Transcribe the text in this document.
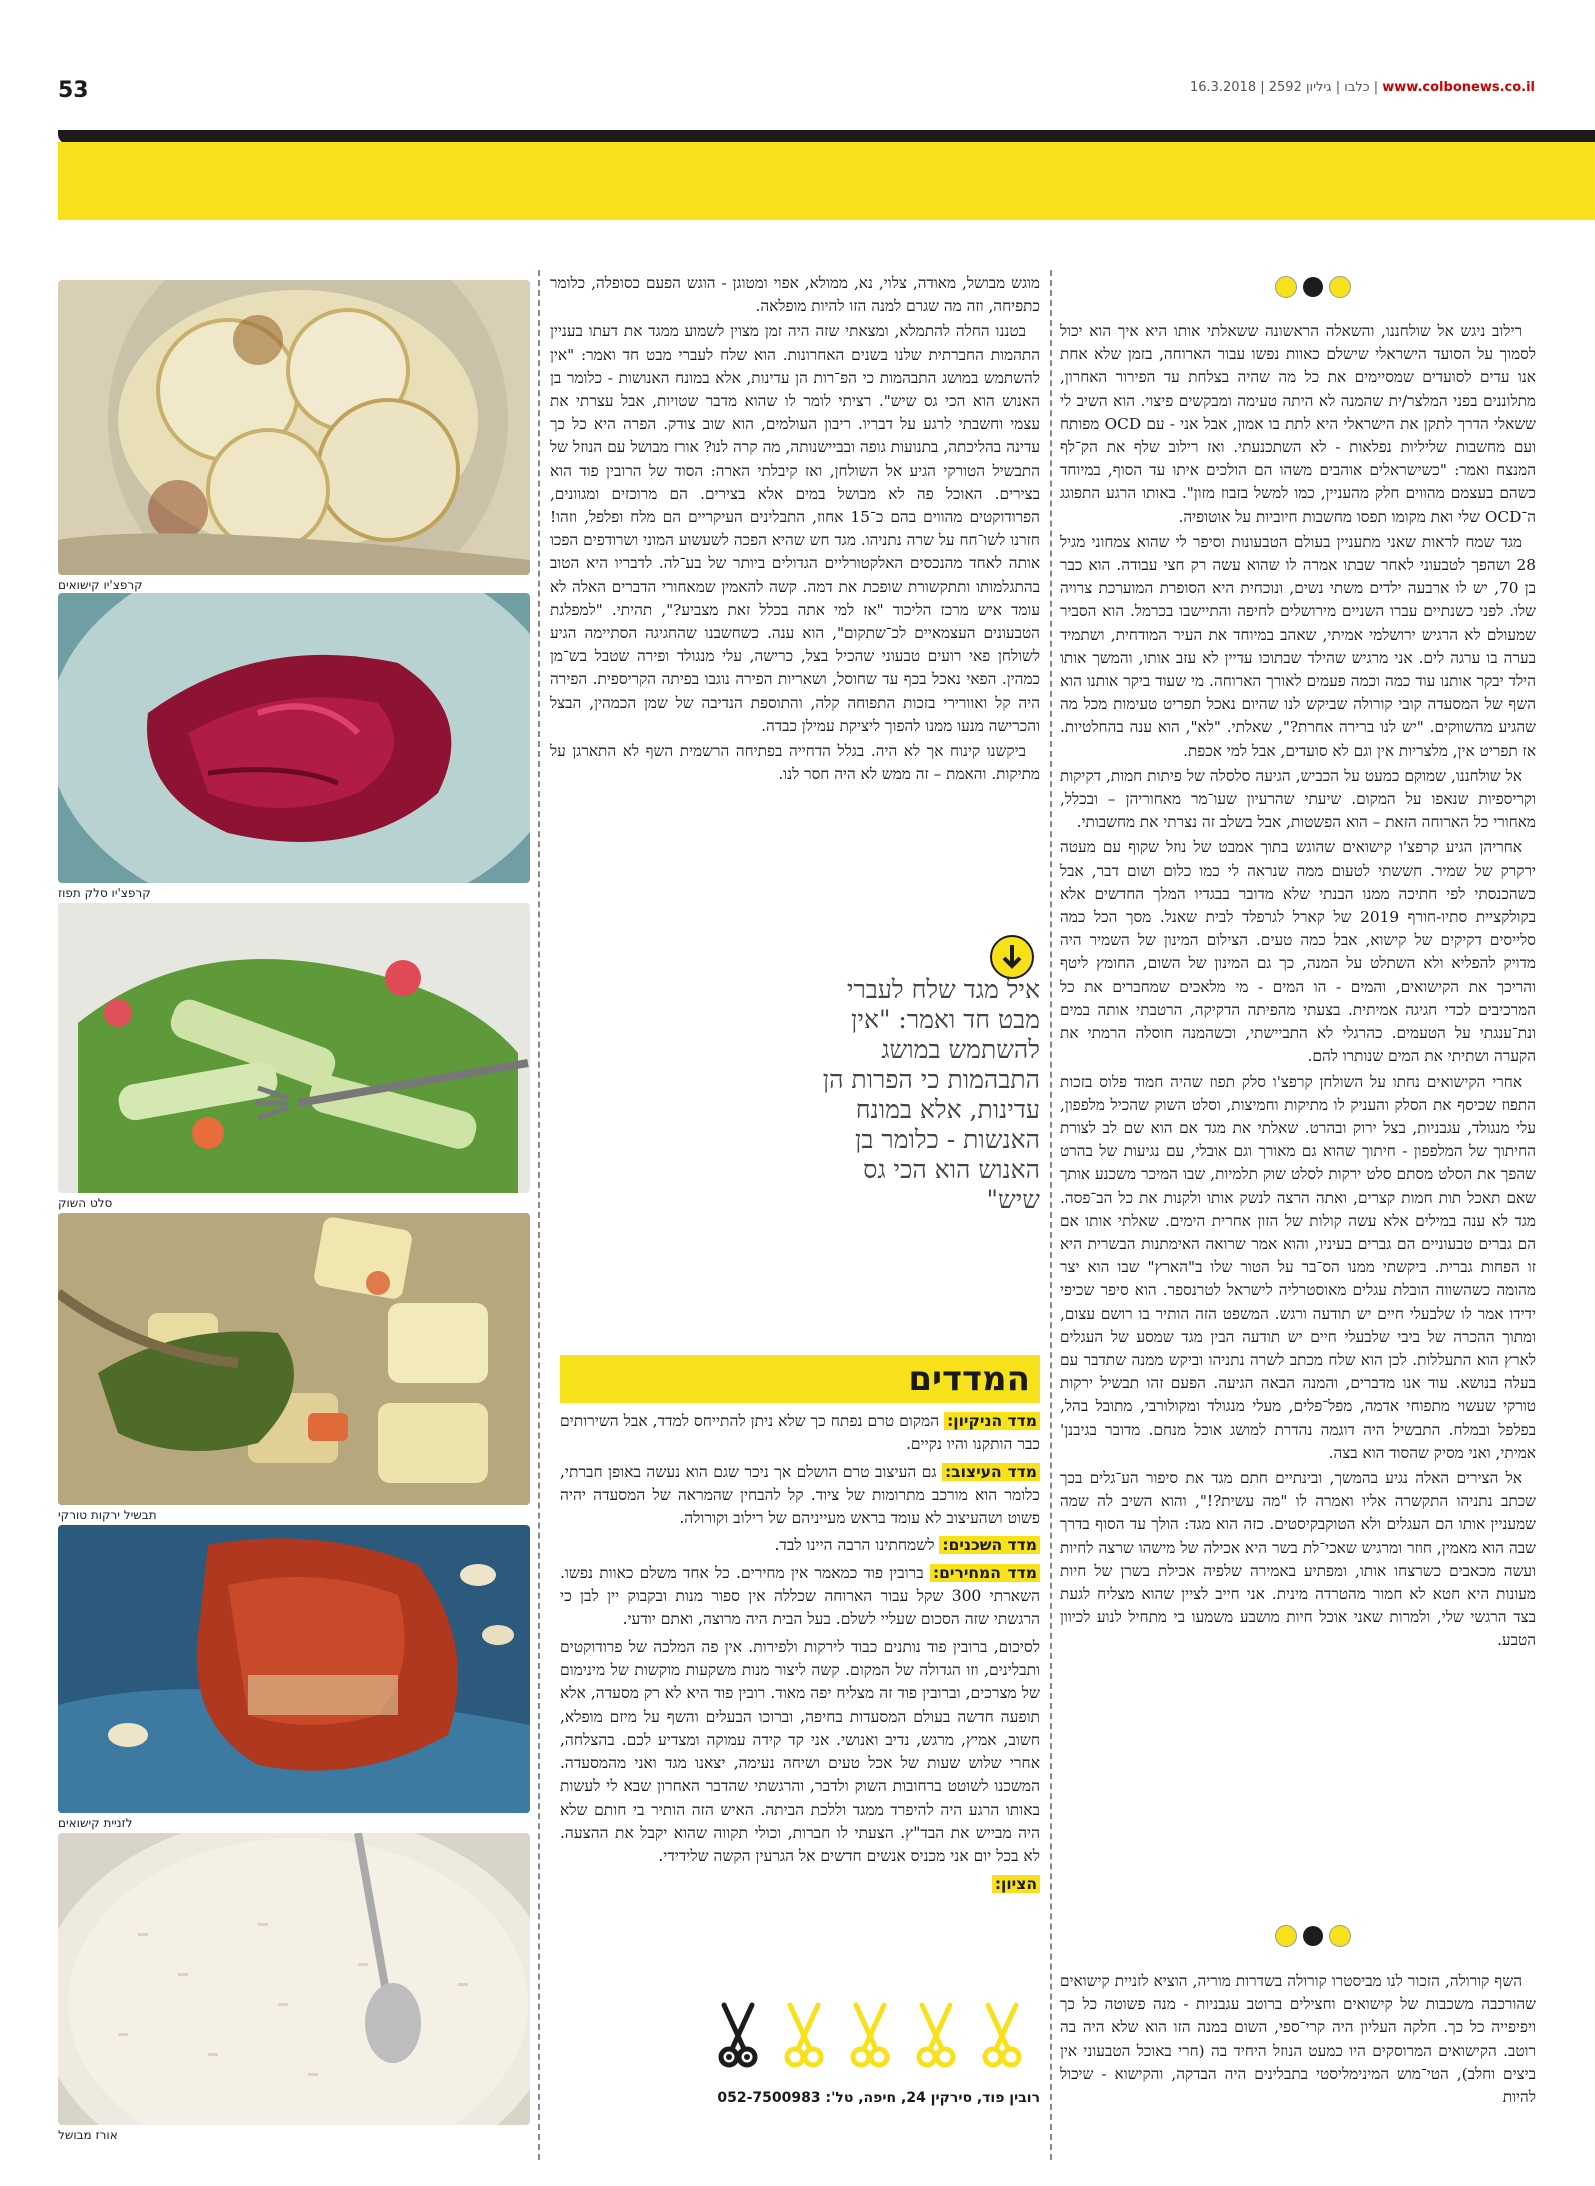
53	www.colbonews.co.il | כלבו | גיליון 2592 | 16.3.2018
קרפצ'יו קישואים
קרפצ'יו סלק תפוז
סלט השוק
תבשיל ירקות טורקי
לזניית קישואים
אורז מבושל

רילוב ניגש אל שולחננו, והשאלה הראשונה ששאלתי אותו היא איך הוא יכול לסמוך על הסועד הישראלי שישלם כאוות נפשו עבור הארוחה, בזמן שלא אחת אנו עדים לסועדים שמסיימים את כל מה שהיה בצלחת עד הפירור האחרון, מתלוננים בפני המלצר/ית שהמנה לא היתה טעימה ומבקשים פיצוי. הוא השיב לי ששאלי הדרך לתקן את הישראלי היא לתת בו אמון, אבל אני - עם OCD מפותח ועם מחשבות שליליות נפלאות - לא השתכנעתי. ואז רילוב שלף את הק־לף המנצח ואמר: "כשישראלים אוהבים משהו הם הולכים איתו עד הסוף, במיוחד כשהם בעצמם מהווים חלק מהעניין, כמו למשל בזבוז מזון". באותו הרגע התפוגג ה־OCD שלי ואת מקומו תפסו מחשבות חיוביות על אוטופיה.

מגד שמח לראות שאני מתעניין בעולם הטבעונות וסיפר לי שהוא צמחוני מגיל 28 ושהפך לטבעוני לאחר שבתו אמרה לו שהוא עשה רק חצי עבודה. הוא כבר בן 70, יש לו ארבעה ילדים משתי נשים, ונוכחית היא הסופרת המוערכת צרויה שלו. לפני כשנתיים עברו השניים מירושלים לחיפה והתיישבו בכרמל. הוא הסביר שמעולם לא הרגיש ירושלמי אמיתי, שאהב במיוחד את העיר המודחית, ושתמיד בערה בו ערגה לים. אני מרגיש שהילד שבתוכו עדיין לא עזב אותו, והמשך אותו הילד יבקר אותנו עוד כמה וכמה פעמים לאורך הארוחה. מי שעוד ביקר אותנו הוא השף של המסעדה קובי קורולה שביקש לנו שהיום נאכל תפריט טעימות מכל מה שהגיע מהשווקים. "יש לנו ברירה אחרת?", שאלתי. "לא", הוא ענה בהחלטיות. אז תפריט אין, מלצריות אין וגם לא סועדים, אבל למי אכפת.

אל שולחננו, שמוקם כמעט על הכביש, הגיעה סלסלה של פיתות חמות, דקיקות וקריספיות שנאפו על המקום. שיעתי שהרעיון שעו־מר מאחוריהן – ובכלל, מאחורי כל הארוחה הזאת – הוא הפשטות, אבל בשלב זה נצרתי את מחשבותי.

אחריהן הגיע קרפצ'ו קישואים שהוגש בתוך אמבט של נוזל שקוף עם מעטה ירקרק של שמיר. חששתי לטעום ממה שנראה לי כמו כלום ושום דבר, אבל כשהכנסתי לפי חתיכה ממנו הבנתי שלא מדובר בבגדיו המלך החדשים אלא בקולקציית סתיו-חורף 2019 של קארל לגרפלד לבית שאנל. מסך הכל כמה סלייסים דקיקים של קישוא, אבל כמה טעים. הצילום המינון של השמיר היה מדויק להפליא ולא השתלט על המנה, כך גם המינון של השום, החומץ ליטף והריכך את הקישואים, והמים - הו המים - מי מלאכים שמחברים את כל המרכיבים לכדי חגיגה אמיתית. בצעתי מהפיתה הדקיקה, הרטבתי אותה במים ונת־ענגתי על הטעמים. כהרגלי לא התביישתי, וכשהמנה חוסלה הרמתי את הקערה ושתיתי את המים שנותרו להם.

אחרי הקישואים נחתו על השולחן קרפצ'ו סלק תפוז שהיה חמוד פלוס בזכות התפוז שכיסף את הסלק והעניק לו מתיקות וחמיצות, וסלט השוק שהכיל מלפפון, עלי מנגולד, עגבניות, בצל ירוק ובהרט. שאלתי את מגד אם הוא שם לב לצורת החיתוך של המלפפון - חיתוך שהוא גם מאורך וגם אובלי, עם נגיעות של בהרט שהפך את הסלט מסתם סלט ירקות לסלט שוק תלמיות, שבו המיכר משכנע אותך שאם תאכל תות חמות קצרים, ואתה הרצה לנשק אותו ולקנות את כל הב־פסה. מגד לא ענה במילים אלא עשה קולות של הזון אחרית הימים. שאלתי אותו אם הם גברים טבעוניים הם גברים בעיניו, והוא אמר שרואה האימתנות הבשרית היא זו הפחות גברית. ביקשתי ממנו הס־בר על הטור שלו ב"הארץ" שבו הוא יצר מהומה כשהשווה הובלת עגלים מאוסטרליה לישראל לטרנספר. הוא סיפר שכיפי ידידו אמר לו שלבעלי חיים יש תודעה ורגש. המשפט הזה הותיר בו רושם עצום, ומתוך ההכרה של ביבי שלבעלי חיים יש תודעה הבין מגד שמסע של העגלים לארץ הוא התעללות. לכן הוא שלח מכתב לשרה נתניהו וביקש ממנה שתדבר עם בעלה בנושא. עוד אנו מדברים, והמנה הבאה הגיעה. הפעם זהו תבשיל ירקות טורקי שעשוי מתפוחי אדמה, מפל־פלים, מעלי מנגולד ומקולורבי, מתובל בהל, בפלפל ובמלח. התבשיל היה דוגמה נהדרת למושג אוכל מנחם. מדובר בגיבנן' אמיתי, ואני מסיק שהסוד הוא בצה.

אל הצירים האלה נגיע בהמשך, ובינתיים חתם מגד את סיפור הע־גלים בכך שכתב נתניהו התקשרה אליו ואמרה לו "מה עשית?!", והוא השיב לה שמה שמעניין אותו הם העגלים ולא הטוקבקיסטים. כזה הוא מגד: הולך עד הסוף בדרך שבה הוא מאמין, חוזר ומרגיש שאכי־לת בשר היא אכילה של מישהו שרצה לחיות ועשה מכאבים כשרצחו אותו, ומפתיע באמירה שלפיה אכילת בשרן של חיות מעונות היא חטא לא חמור מהטרדה מינית. אני חייב לציין שהוא מצליח לגעת בצד הרגשי שלי, ולמרות שאני אוכל חיות מושבע משמעו בי מתחיל לנוע לכיוון הטבע.

השף קורולה, הזכור לנו מביסטרו קורולה בשדרות מוריה, הוציא לזניית קישואים שהורכבה משכבות של קישואים וחצילים ברוטב עגבניות - מנה פשוטה כל כך ויפיפייה כל כך. חלקה העליון היה קרי־ספי, השום במנה הזו הוא שלא היה בה רוטב. הקישואים המרוסקים היו כמעט הנוזל היחיד בה (חרי באוכל הטבעוני אין ביצים וחלב), הטי־מוש המינימליסטי בתבלינים היה הבדקה, והקישוא - שיכול להיות

מוגש מבושל, מאודה, צלוי, נא, ממולא, אפוי ומטוגן - הוגש הפעם כסופלה, כלומר כתפיחה, וזה מה שגרם למנה הזו להיות מופלאה.

בטננו החלה להתמלא, ומצאתי שזה היה זמן מצוין לשמוע ממגד את דעתו בעניין התהמות החברתית שלנו בשנים האחרונות. הוא שלח לעברי מבט חד ואמר: "אין להשתמש במושג התבהמות כי הפ־רות הן עדינות, אלא במונח האנושות - כלומר בן האנוש הוא הכי גס שיש". רציתי לומר לו שהוא מדבר שטויות, אבל עצרתי את עצמי וחשבתי לרגע על דבריו. ריבון העולמים, הוא שוב צודק. הפרה היא כל כך עדינה בהליכתה, בתנועות גופה ובביישנותה, מה קרה לנו? אורז מבושל עם הנוזל של התבשיל הטורקי הגיע אל השולחן, ואז קיבלתי הארה: הסוד של הרובין פוד הוא בצירים. האוכל פה לא מבושל במים אלא בצירים. הם מרוכזים ומגוונים, הפרודוקטים מהווים בהם כ־15 אחוז, התבלינים העיקריים הם מלח ופלפל, וזהו! חזרנו לשו־חח על שרה נתניהו. מגד חש שהיא הפכה לשעשוע המוני ושרודפים הפכו אותה לאחד מהנכסים האלקטורליים הגדולים ביותר של בע־לה. לדבריו היא הטוב בהתגלמותו ותתקשורת שופכת את דמה. קשה להאמין שמאחורי הדברים האלה לא עומד איש מרכז הליכוד "אז למי אתה בכלל זאת מצביע?", תהיתי. "למפלגת הטבעונים העצמאיים לכ־שתקום", הוא ענה. כשחשבנו שהחגיגה הסתיימה הגיע לשולחן פאי רועים טבעוני שהכיל בצל, כרישה, עלי מנגולד ופירה שטבל בש־מן כמהין. הפאי נאכל בכף עד שחוסל, ושאריות הפירה נוגבו בפיתה הקריספית. הפירה היה קל ואוורירי בזכות התפוחה קלה, והתוספת הנדיבה של שמן הכמהין, הבצל והכרישה מנעו ממנו להפוך ליציקת עמילן כבדה.

ביקשנו קינוח אך לא היה. בגלל הדחייה בפתיחה הרשמית השף לא התארגן על מתיקות. והאמת – זה ממש לא היה חסר לנו.

איל מגד שלח לעברי מבט חד ואמר: "אין להשתמש במושג התבהמות כי הפרות הן עדינות, אלא במונח האנשות - כלומר בן האנוש הוא הכי גס שיש"
המדדים

מדד הניקיון: המקום טרם נפתח כך שלא ניתן להתייחס למדד, אבל השירותים כבר הותקנו והיו נקיים.

מדד העיצוב: גם העיצוב טרם הושלם אך ניכר שגם הוא נעשה באופן חברתי, כלומר הוא מורכב מתרומות של ציוד. קל להבחין שהמראה של המסעדה יהיה פשוט ושהעיצוב לא עומד בראש מעייניהם של רילוב וקורולה.

מדד השכנים: לשמחתינו הרבה היינו לבד.

מדד המחירים: ברובין פוד כמאמר אין מחירים. כל אחד משלם כאוות נפשו. השארתי 300 שקל עבור הארוחה שכללה אין ספור מנות ובקבוק יין לבן כי הרגשתי שזה הסכום שעליי לשלם. בעל הבית היה מרוצה, ואתם יודעי.

לסיכום, ברובין פוד נותנים כבוד לירקות ולפירות. אין פה המלכה של פרודוקטים ותבלינים, וזו הגדולה של המקום. קשה ליצור מנות משקעות מוקשות של מינימום של מצרכים, וברובין פוד זה מצליח יפה מאוד. רובין פוד היא לא רק מסעדה, אלא תופעה חדשה בעולם המסעדות בחיפה, וברוכו הבעלים והשף על מיזם מופלא, חשוב, אמיץ, מרגש, נדיב ואנושי. אני קד קידה עמוקה ומצדיע לכם. בהצלחה, אחרי שלוש שעות של אכל טעים ושיחה נעימה, יצאנו מגד ואני מהמסעדה. המשכנו לשוטט ברחובות השוק ולדבר, והרגשתי שהדבר האחרון שבא לי לעשות באותו הרגע היה להיפרד ממגד וללכת הביתה. האיש הזה הותיר בי חותם שלא היה מבייש את הבד"ץ. הצעתי לו חברות, וכולי תקווה שהוא יקבל את ההצעה. לא בכל יום אני מכניס אנשים חדשים אל הגרעין הקשה שלידידי.

הציון:

רובין פוד, סירקין 24, חיפה, טל': 052-7500983
